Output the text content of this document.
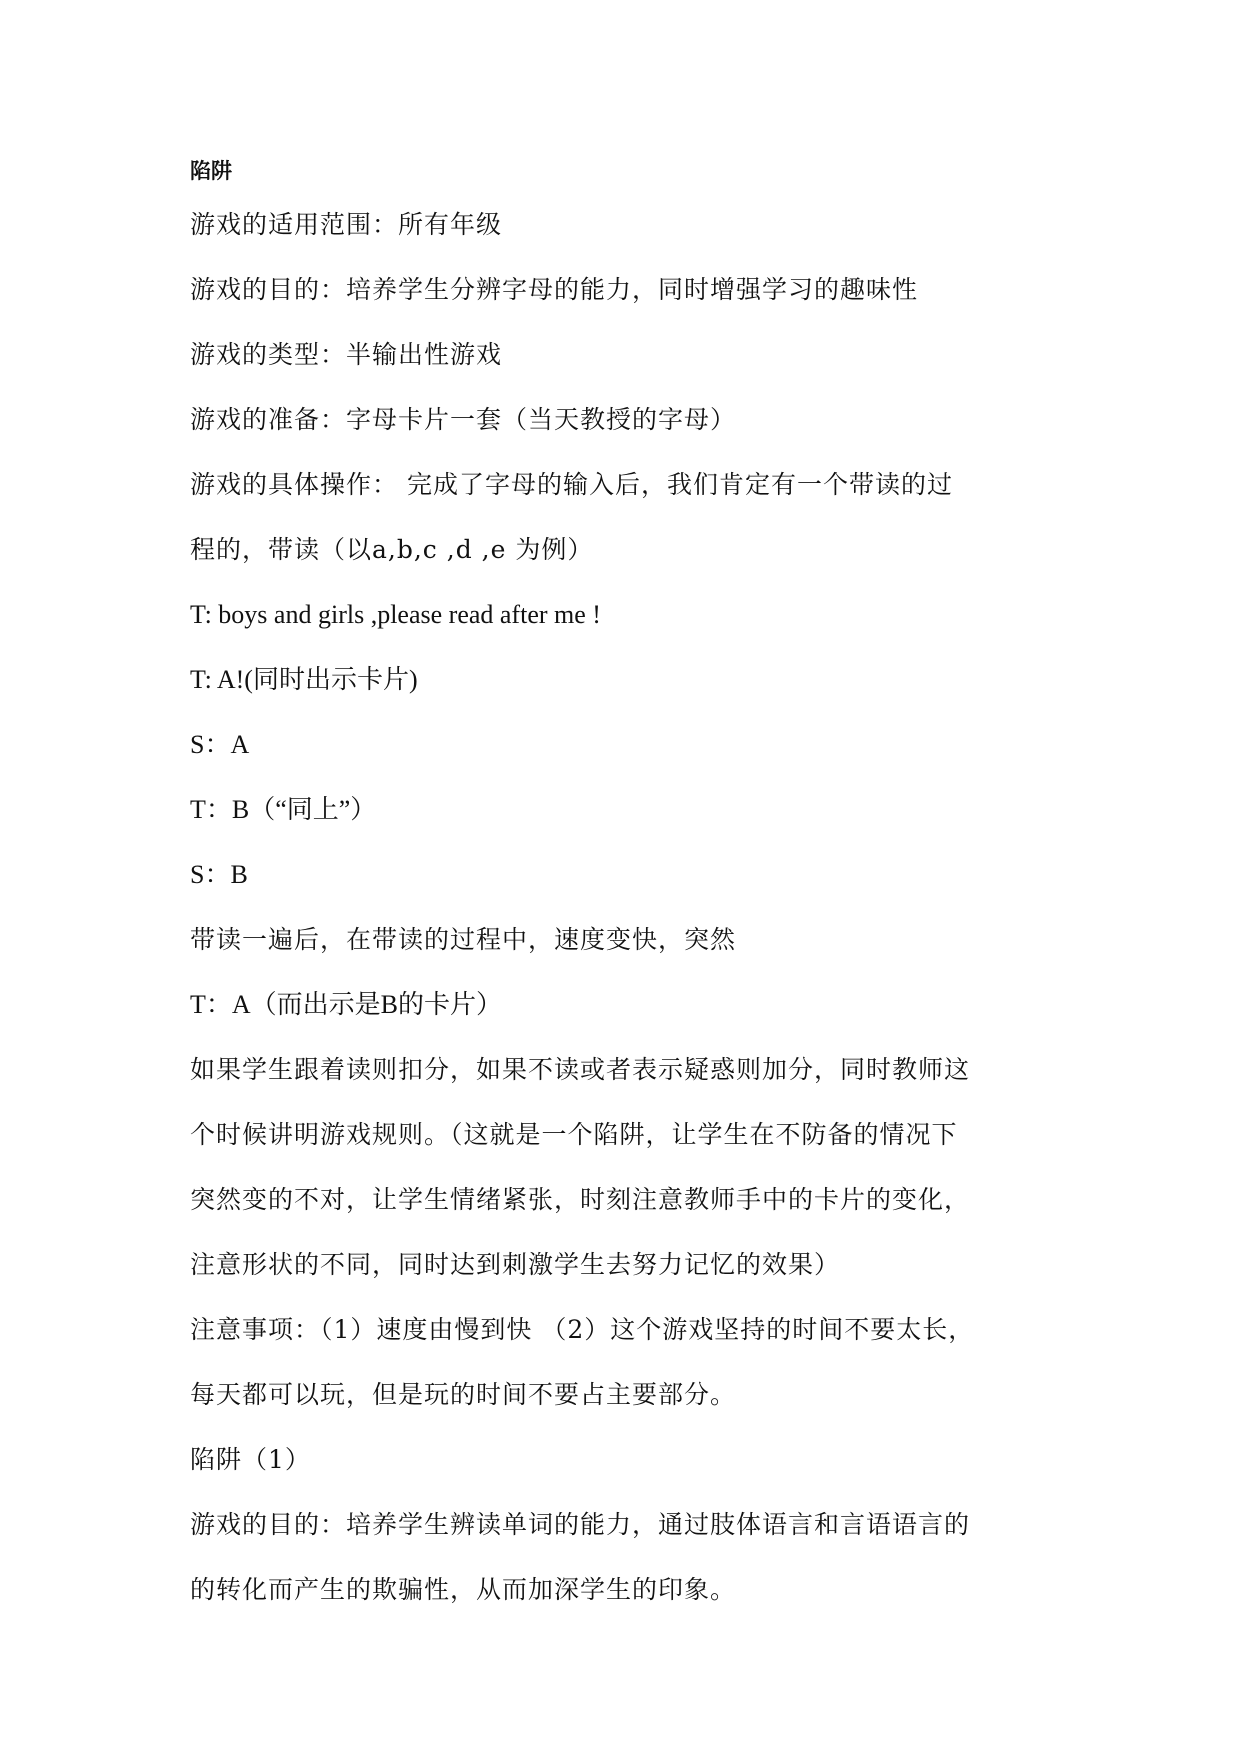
陷阱

游戏的适用范围：所有年级

游戏的目的：培养学生分辨字母的能力，同时增强学习的趣味性

游戏的类型：半输出性游戏

游戏的准备：字母卡片一套（当天教授的字母）

游戏的具体操作： 完成了字母的输入后，我们肯定有一个带读的过

程的，带读（以a,b,c ,d ,e 为例）

T: boys and girls ,please read after me !

T: A!(同时出示卡片)

S：A

T：B（“同上”）

S：B

带读一遍后，在带读的过程中，速度变快，突然

T：A（而出示是B的卡片）

如果学生跟着读则扣分，如果不读或者表示疑惑则加分，同时教师这

个时候讲明游戏规则。（这就是一个陷阱，让学生在不防备的情况下

突然变的不对，让学生情绪紧张，时刻注意教师手中的卡片的变化，

注意形状的不同，同时达到刺激学生去努力记忆的效果）

注意事项：（1）速度由慢到快 （2）这个游戏坚持的时间不要太长，

每天都可以玩，但是玩的时间不要占主要部分。

陷阱（1）

游戏的目的：培养学生辨读单词的能力，通过肢体语言和言语语言的

的转化而产生的欺骗性，从而加深学生的印象。
